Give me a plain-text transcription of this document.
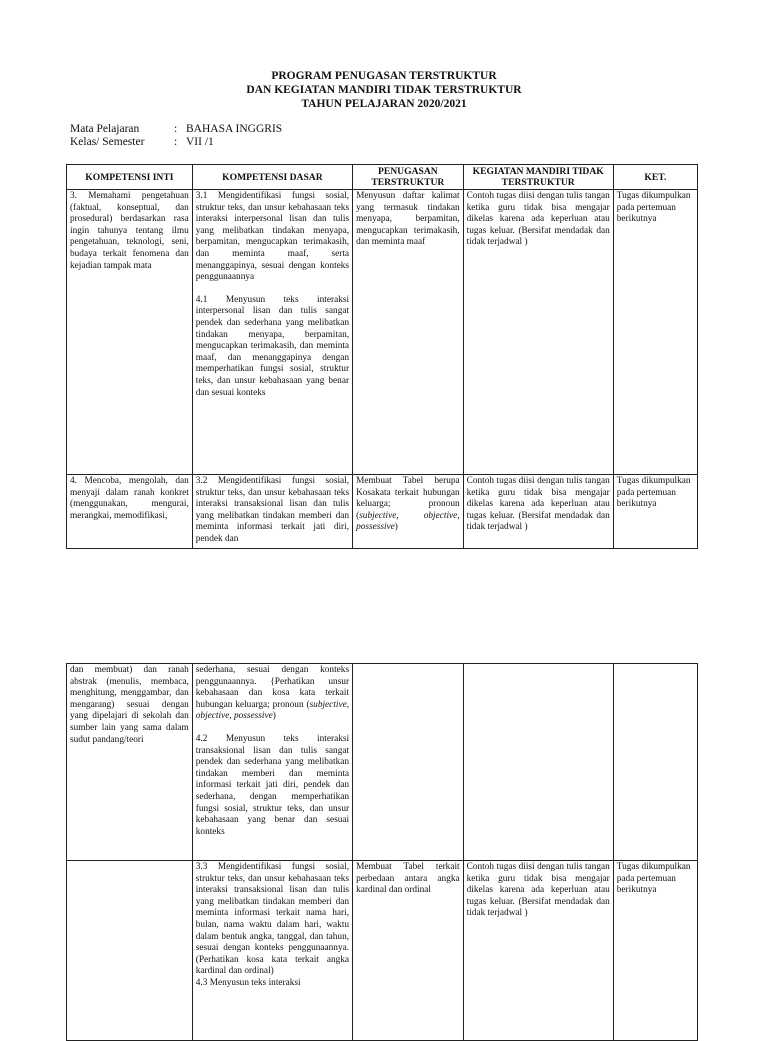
PROGRAM PENUGASAN TERSTRUKTUR
DAN KEGIATAN MANDIRI TIDAK TERSTRUKTUR
TAHUN PELAJARAN 2020/2021
Mata Pelajaran	: BAHASA INGGRIS
Kelas/ Semester	: VII /1
KOMPETENSI INTI	KOMPETENSI DASAR	PENUGASAN TERSTRUKTUR	KEGIATAN MANDIRI TIDAK TERSTRUKTUR	KET.
3. Memahami pengetahuan (faktual, konseptual, dan prosedural) berdasarkan rasa ingin tahunya tentang ilmu pengetahuan, teknologi, seni, budaya terkait fenomena dan kejadian tampak mata	3.1 Mengidentifikasi fungsi sosial, struktur teks, dan unsur kebahasaan teks interaksi interpersonal lisan dan tulis yang melibatkan tindakan menyapa, berpamitan, mengucapkan terimakasih, dan meminta maaf, serta menanggapinya, sesuai dengan konteks penggunaannya
4.1 Menyusun teks interaksi interpersonal lisan dan tulis sangat pendek dan sederhana yang melibatkan tindakan menyapa, berpamitan, mengucapkan terimakasih, dan meminta maaf, dan menanggapinya dengan memperhatikan fungsi sosial, struktur teks, dan unsur kebahasaan yang benar dan sesuai konteks	Menyusun daftar kalimat yang termasuk tindakan menyapa, berpamitan, mengucapkan terimakasih, dan meminta maaf	Contoh tugas diisi dengan tulis tangan ketika guru tidak bisa mengajar dikelas karena ada keperluan atau tugas keluar. (Bersifat mendadak dan tidak terjadwal )	Tugas dikumpulkan pada pertemuan berikutnya
4. Mencoba, mengolah, dan menyaji dalam ranah konkret (menggunakan, mengurai, merangkai, memodifikasi,	3.2 Mengidentifikasi fungsi sosial, struktur teks, dan unsur kebahasaan teks interaksi transaksional lisan dan tulis yang melibatkan tindakan memberi dan meminta informasi terkait jati diri, pendek dan	Membuat Tabel berupa Kosakata terkait hubungan keluarga; pronoun (subjective, objective, possessive)	Contoh tugas diisi dengan tulis tangan ketika guru tidak bisa mengajar dikelas karena ada keperluan atau tugas keluar. (Bersifat mendadak dan tidak terjadwal )	Tugas dikumpulkan pada pertemuan berikutnya
dan membuat) dan ranah abstrak (menulis, membaca, menghitung, menggambar, dan mengarang) sesuai dengan yang dipelajari di sekolah dan sumber lain yang sama dalam sudut pandang/teori	sederhana, sesuai dengan konteks penggunaannya. {Perhatikan unsur kebahasaan dan kosa kata terkait hubungan keluarga; pronoun (subjective, objective, possessive)
4.2 Menyusun teks interaksi transaksional lisan dan tulis sangat pendek dan sederhana yang melibatkan tindakan memberi dan meminta informasi terkait jati diri, pendek dan sederhana, dengan memperhatikan fungsi sosial, struktur teks, dan unsur kebahasaan yang benar dan sesuai konteks			

	3.3 Mengidentifikasi fungsi sosial, struktur teks, dan unsur kebahasaan teks interaksi transaksional lisan dan tulis yang melibatkan tindakan memberi dan meminta informasi terkait nama hari, bulan, nama waktu dalam hari, waktu dalam bentuk angka, tanggal, dan tahun, sesuai dengan konteks penggunaannya. (Perhatikan kosa kata terkait angka kardinal dan ordinal)
4.3 Menyusun teks interaksi	Membuat Tabel terkait perbedaan antara angka kardinal dan ordinal	Contoh tugas diisi dengan tulis tangan ketika guru tidak bisa mengajar dikelas karena ada keperluan atau tugas keluar. (Bersifat mendadak dan tidak terjadwal )	Tugas dikumpulkan pada pertemuan berikutnya
